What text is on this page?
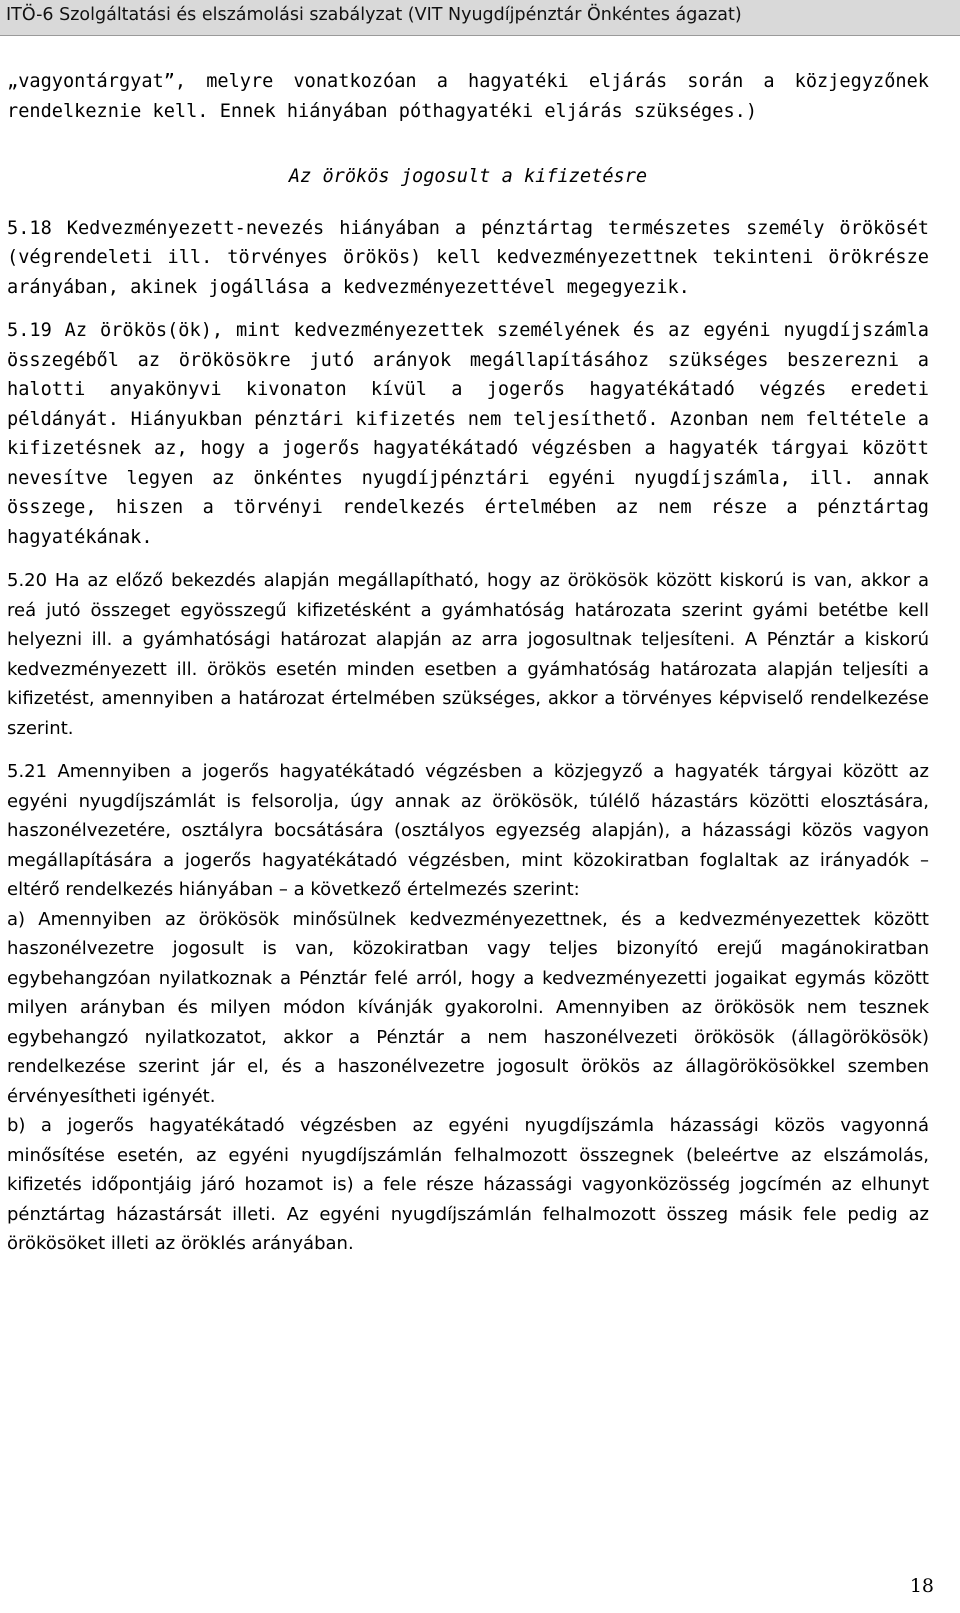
ITÖ-6 Szolgáltatási és elszámolási szabályzat (VIT Nyugdíjpénztár Önkéntes ágazat)

„vagyontárgyat”, melyre vonatkozóan a hagyatéki eljárás során a közjegyzőnek rendelkeznie kell. Ennek hiányában póthagyatéki eljárás szükséges.)

Az örökös jogosult a kifizetésre

5.18 Kedvezményezett-nevezés hiányában a pénztártag természetes személy örökösét (végrendeleti ill. törvényes örökös) kell kedvezményezettnek tekinteni örökrésze arányában, akinek jogállása a kedvezményezettével megegyezik.

5.19 Az örökös(ök), mint kedvezményezettek személyének és az egyéni nyugdíjszámla összegéből az örökösökre jutó arányok megállapításához szükséges beszerezni a halotti anyakönyvi kivonaton kívül a jogerős hagyatékátadó végzés eredeti példányát. Hiányukban pénztári kifizetés nem teljesíthető. Azonban nem feltétele a kifizetésnek az, hogy a jogerős hagyatékátadó végzésben a hagyaték tárgyai között nevesítve legyen az önkéntes nyugdíjpénztári egyéni nyugdíjszámla, ill. annak összege, hiszen a törvényi rendelkezés értelmében az nem része a pénztártag hagyatékának.

5.20 Ha az előző bekezdés alapján megállapítható, hogy az örökösök között kiskorú is van, akkor a reá jutó összeget egyösszegű kifizetésként a gyámhatóság határozata szerint gyámi betétbe kell helyezni ill. a gyámhatósági határozat alapján az arra jogosultnak teljesíteni. A Pénztár a kiskorú kedvezményezett ill. örökös esetén minden esetben a gyámhatóság határozata alapján teljesíti a kifizetést, amennyiben a határozat értelmében szükséges, akkor a törvényes képviselő rendelkezése szerint.

5.21 Amennyiben a jogerős hagyatékátadó végzésben a közjegyző a hagyaték tárgyai között az egyéni nyugdíjszámlát is felsorolja, úgy annak az örökösök, túlélő házastárs közötti elosztására, haszonélvezetére, osztályra bocsátására (osztályos egyezség alapján), a házassági közös vagyon megállapítására a jogerős hagyatékátadó végzésben, mint közokiratban foglaltak az irányadók – eltérő rendelkezés hiányában – a következő értelmezés szerint:

a) Amennyiben az örökösök minősülnek kedvezményezettnek, és a kedvezményezettek között haszonélvezetre jogosult is van, közokiratban vagy teljes bizonyító erejű magánokiratban egybehangzóan nyilatkoznak a Pénztár felé arról, hogy a kedvezményezetti jogaikat egymás között milyen arányban és milyen módon kívánják gyakorolni. Amennyiben az örökösök nem tesznek egybehangzó nyilatkozatot, akkor a Pénztár a nem haszonélvezeti örökösök (állagörökösök) rendelkezése szerint jár el, és a haszonélvezetre jogosult örökös az állagörökösökkel szemben érvényesítheti igényét.

b) a jogerős hagyatékátadó végzésben az egyéni nyugdíjszámla házassági közös vagyonná minősítése esetén, az egyéni nyugdíjszámlán felhalmozott összegnek (beleértve az elszámolás, kifizetés időpontjáig járó hozamot is) a fele része házassági vagyonközösség jogcímén az elhunyt pénztártag házastársát illeti. Az egyéni nyugdíjszámlán felhalmozott összeg másik fele pedig az örökösöket illeti az öröklés arányában.

18
